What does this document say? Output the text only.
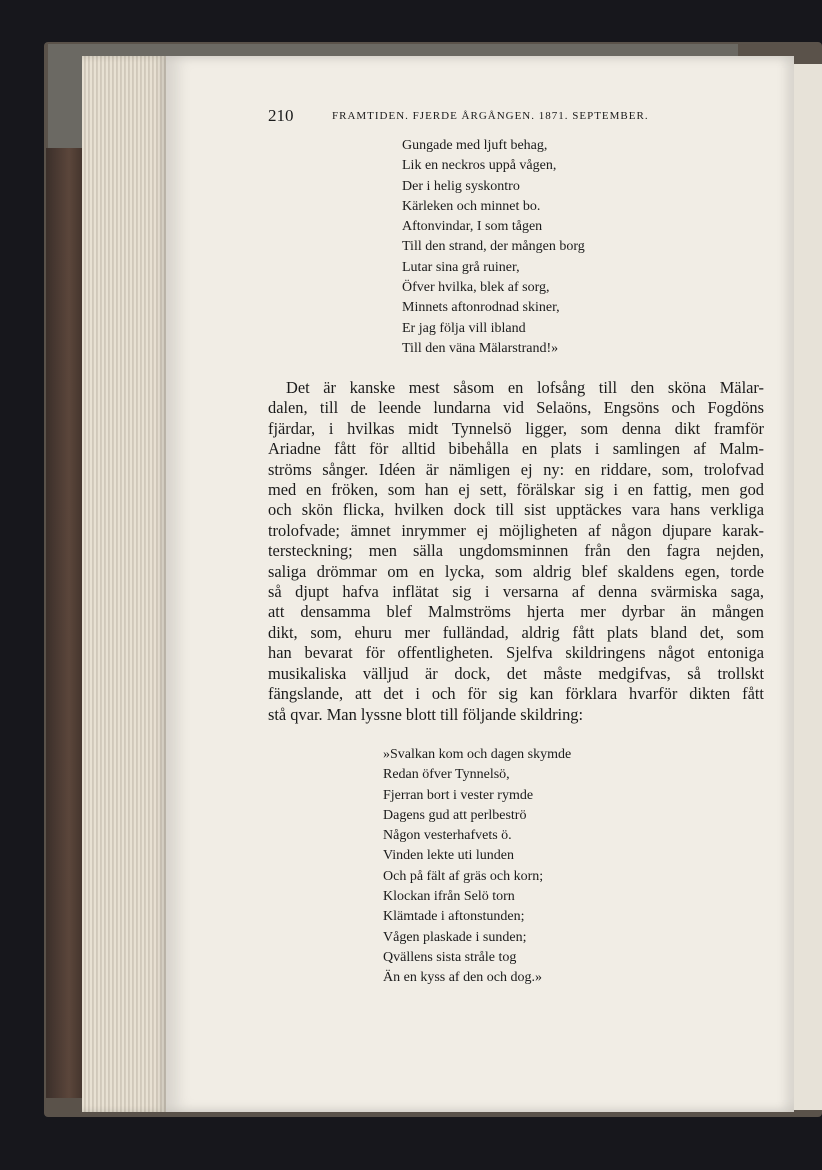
210	FRAMTIDEN. FJERDE ÅRGÅNGEN. 1871. SEPTEMBER.
Gungade med ljuft behag,
Lik en neckros uppå vågen,
Der i helig syskontro
Kärleken och minnet bo.
Aftonvindar, I som tågen
Till den strand, der mången borg
Lutar sina grå ruiner,
Öfver hvilka, blek af sorg,
Minnets aftonrodnad skiner,
Er jag följa vill ibland
Till den väna Mälarstrand!»
Det är kanske mest såsom en lofsång till den sköna Mälar-
dalen, till de leende lundarna vid Selaöns, Engsöns och Fogdöns
fjärdar, i hvilkas midt Tynnelsö ligger, som denna dikt framför
Ariadne fått för alltid bibehålla en plats i samlingen af Malm-
ströms sånger. Idéen är nämligen ej ny: en riddare, som, trolofvad
med en fröken, som han ej sett, förälskar sig i en fattig, men god
och skön flicka, hvilken dock till sist upptäckes vara hans verkliga
trolofvade; ämnet inrymmer ej möjligheten af någon djupare karak-
tersteckning; men sälla ungdomsminnen från den fagra nejden,
saliga drömmar om en lycka, som aldrig blef skaldens egen, torde
så djupt hafva inflätat sig i versarna af denna svärmiska saga,
att densamma blef Malmströms hjerta mer dyrbar än mången
dikt, som, ehuru mer fulländad, aldrig fått plats bland det, som
han bevarat för offentligheten. Sjelfva skildringens något entoniga
musikaliska välljud är dock, det måste medgifvas, så trollskt
fängslande, att det i och för sig kan förklara hvarför dikten fått
stå qvar. Man lyssne blott till följande skildring:
»Svalkan kom och dagen skymde
Redan öfver Tynnelsö,
Fjerran bort i vester rymde
Dagens gud att perlbeströ
Någon vesterhafvets ö.
Vinden lekte uti lunden
Och på fält af gräs och korn;
Klockan ifrån Selö torn
Klämtade i aftonstunden;
Vågen plaskade i sunden;
Qvällens sista stråle tog
Än en kyss af den och dog.»
